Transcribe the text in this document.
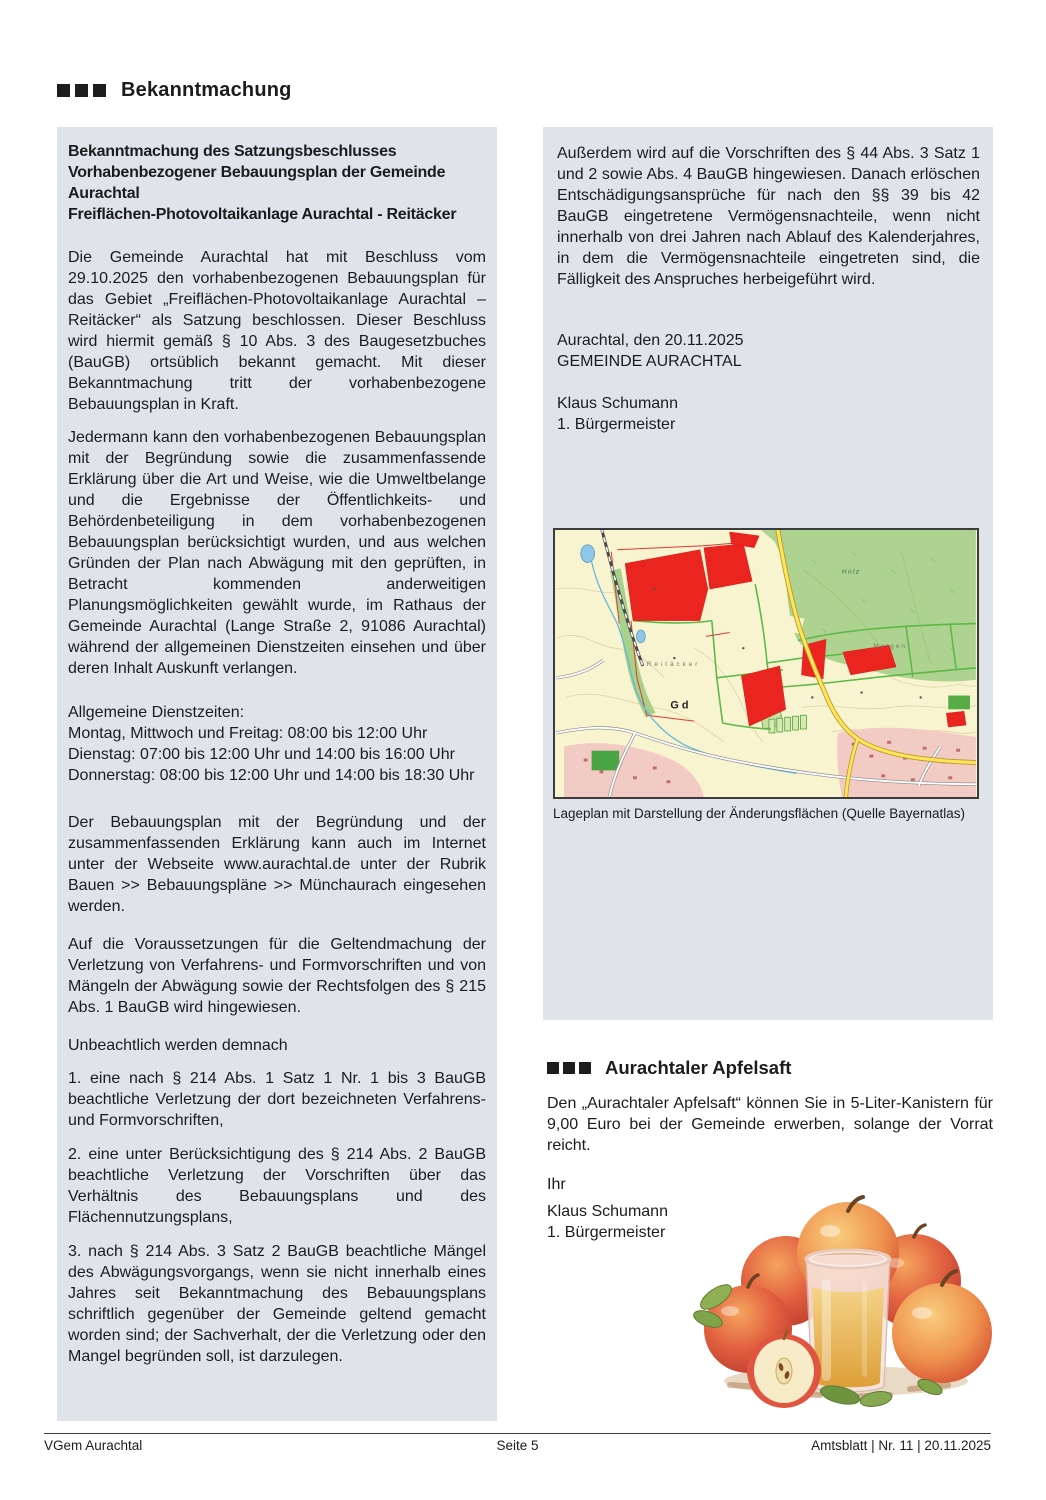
Bekanntmachung
Bekanntmachung des Satzungsbeschlusses
Vorhabenbezogener Bebauungsplan der Gemeinde Aurachtal
Freiflächen-Photovoltaikanlage Aurachtal - Reitäcker

Die Gemeinde Aurachtal hat mit Beschluss vom 29.10.2025 den vorhabenbezogenen Bebauungsplan für das Gebiet „Freiflächen-Photovoltaikanlage Aurachtal – Reitäcker“ als Satzung beschlossen. Dieser Beschluss wird hiermit gemäß § 10 Abs. 3 des Baugesetzbuches (BauGB) ortsüblich bekannt gemacht. Mit dieser Bekanntmachung tritt der vorhabenbezogene Bebauungsplan in Kraft.

Jedermann kann den vorhabenbezogenen Bebauungsplan mit der Begründung sowie die zusammenfassende Erklärung über die Art und Weise, wie die Umweltbelange und die Ergebnisse der Öffentlichkeits- und Behördenbeteiligung in dem vorhabenbezogenen Bebauungsplan berücksichtigt wurden, und aus welchen Gründen der Plan nach Abwägung mit den geprüften, in Betracht kommenden anderweitigen Planungsmöglichkeiten gewählt wurde, im Rathaus der Gemeinde Aurachtal (Lange Straße 2, 91086 Aurachtal) während der allgemeinen Dienstzeiten einsehen und über deren Inhalt Auskunft verlangen.

Allgemeine Dienstzeiten:

Montag, Mittwoch und Freitag: 08:00 bis 12:00 Uhr

Dienstag: 07:00 bis 12:00 Uhr und 14:00 bis 16:00 Uhr

Donnerstag: 08:00 bis 12:00 Uhr und 14:00 bis 18:30 Uhr

Der Bebauungsplan mit der Begründung und der zusammenfassenden Erklärung kann auch im Internet unter der Webseite www.aurachtal.de unter der Rubrik Bauen >> Bebauungspläne >> Münchaurach eingesehen werden.

Auf die Voraussetzungen für die Geltendmachung der Verletzung von Verfahrens- und Formvorschriften und von Mängeln der Abwägung sowie der Rechtsfolgen des § 215 Abs. 1 BauGB wird hingewiesen.

Unbeachtlich werden demnach

1. eine nach § 214 Abs. 1 Satz 1 Nr. 1 bis 3 BauGB beachtliche Verletzung der dort bezeichneten Verfahrens- und Formvorschriften,

2. eine unter Berücksichtigung des § 214 Abs. 2 BauGB beachtliche Verletzung der Vorschriften über das Verhältnis des Bebauungsplans und des Flächennutzungsplans,

3. nach § 214 Abs. 3 Satz 2 BauGB beachtliche Mängel des Abwägungsvorgangs, wenn sie nicht innerhalb eines Jahres seit Bekanntmachung des Bebauungsplans schriftlich gegenüber der Gemeinde geltend gemacht worden sind; der Sachverhalt, der die Verletzung oder den Mangel begründen soll, ist darzulegen.

Außerdem wird auf die Vorschriften des § 44 Abs. 3 Satz 1 und 2 sowie Abs. 4 BauGB hingewiesen. Danach erlöschen Entschädigungsansprüche für nach den §§ 39 bis 42 BauGB eingetretene Vermögensnachteile, wenn nicht innerhalb von drei Jahren nach Ablauf des Kalenderjahres, in dem die Vermögensnachteile eingetreten sind, die Fälligkeit des Anspruches herbeigeführt wird.

Aurachtal, den 20.11.2025

GEMEINDE AURACHTAL

Klaus Schumann

1. Bürgermeister

Reitäcker
G d
Holz
Morgen
Lageplan mit Darstellung der Änderungsflächen (Quelle Bayernatlas)
Aurachtaler Apfelsaft

Den „Aurachtaler Apfelsaft“ können Sie in 5-Liter-Kanistern für 9,00 Euro bei der Gemeinde erwerben, solange der Vorrat reicht.

Ihr

Klaus Schumann

1. Bürgermeister

Seite 5
VGem Aurachtal	Amtsblatt | Nr. 11 | 20.11.2025
